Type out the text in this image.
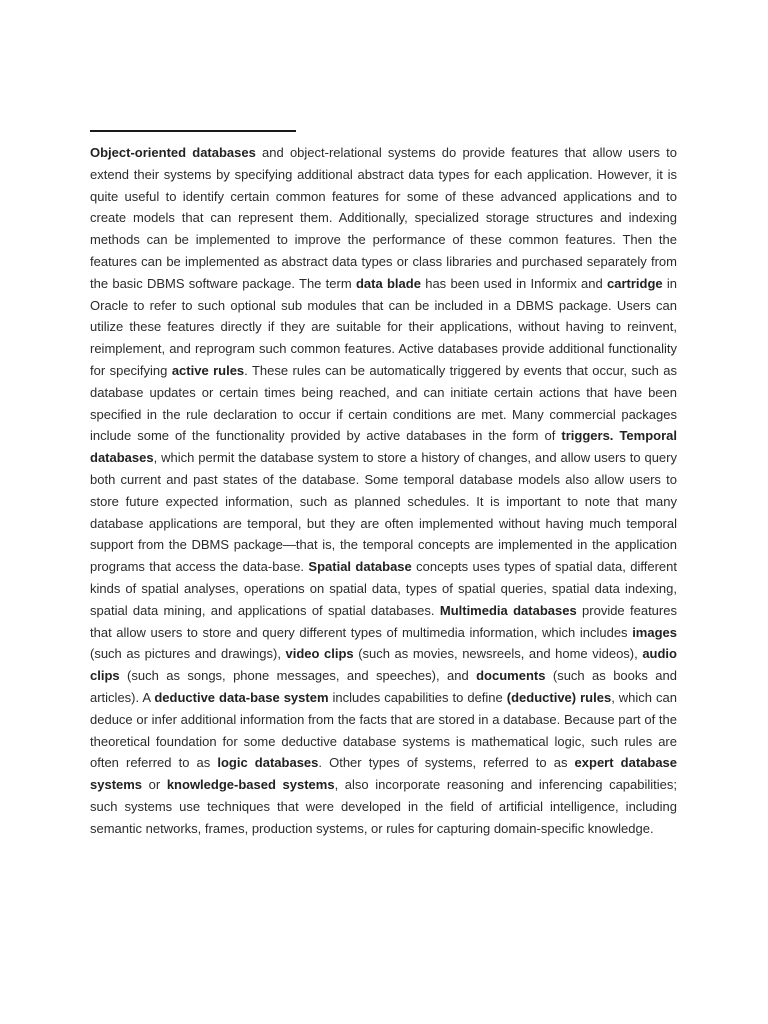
Object-oriented databases and object-relational systems do provide features that allow users to extend their systems by specifying additional abstract data types for each application. However, it is quite useful to identify certain common features for some of these advanced applications and to create models that can represent them. Additionally, specialized storage structures and indexing methods can be implemented to improve the performance of these common features. Then the features can be implemented as abstract data types or class libraries and purchased separately from the basic DBMS software package. The term data blade has been used in Informix and cartridge in Oracle to refer to such optional sub modules that can be included in a DBMS package. Users can utilize these features directly if they are suitable for their applications, without having to reinvent, reimplement, and reprogram such common features. Active databases provide additional functionality for specifying active rules. These rules can be automatically triggered by events that occur, such as database updates or certain times being reached, and can initiate certain actions that have been specified in the rule declaration to occur if certain conditions are met. Many commercial packages include some of the functionality provided by active databases in the form of triggers. Temporal databases, which permit the database system to store a history of changes, and allow users to query both current and past states of the database. Some temporal database models also allow users to store future expected information, such as planned schedules. It is important to note that many database applications are temporal, but they are often implemented without having much temporal support from the DBMS package—that is, the temporal concepts are implemented in the application programs that access the data-base. Spatial database concepts uses types of spatial data, different kinds of spatial analyses, operations on spatial data, types of spatial queries, spatial data indexing, spatial data mining, and applications of spatial databases. Multimedia databases provide features that allow users to store and query different types of multimedia information, which includes images (such as pictures and drawings), video clips (such as movies, newsreels, and home videos), audio clips (such as songs, phone messages, and speeches), and documents (such as books and articles). A deductive data-base system includes capabilities to define (deductive) rules, which can deduce or infer additional information from the facts that are stored in a database. Because part of the theoretical foundation for some deductive database systems is mathematical logic, such rules are often referred to as logic databases. Other types of systems, referred to as expert database systems or knowledge-based systems, also incorporate reasoning and inferencing capabilities; such systems use techniques that were developed in the field of artificial intelligence, including semantic networks, frames, production systems, or rules for capturing domain-specific knowledge.
